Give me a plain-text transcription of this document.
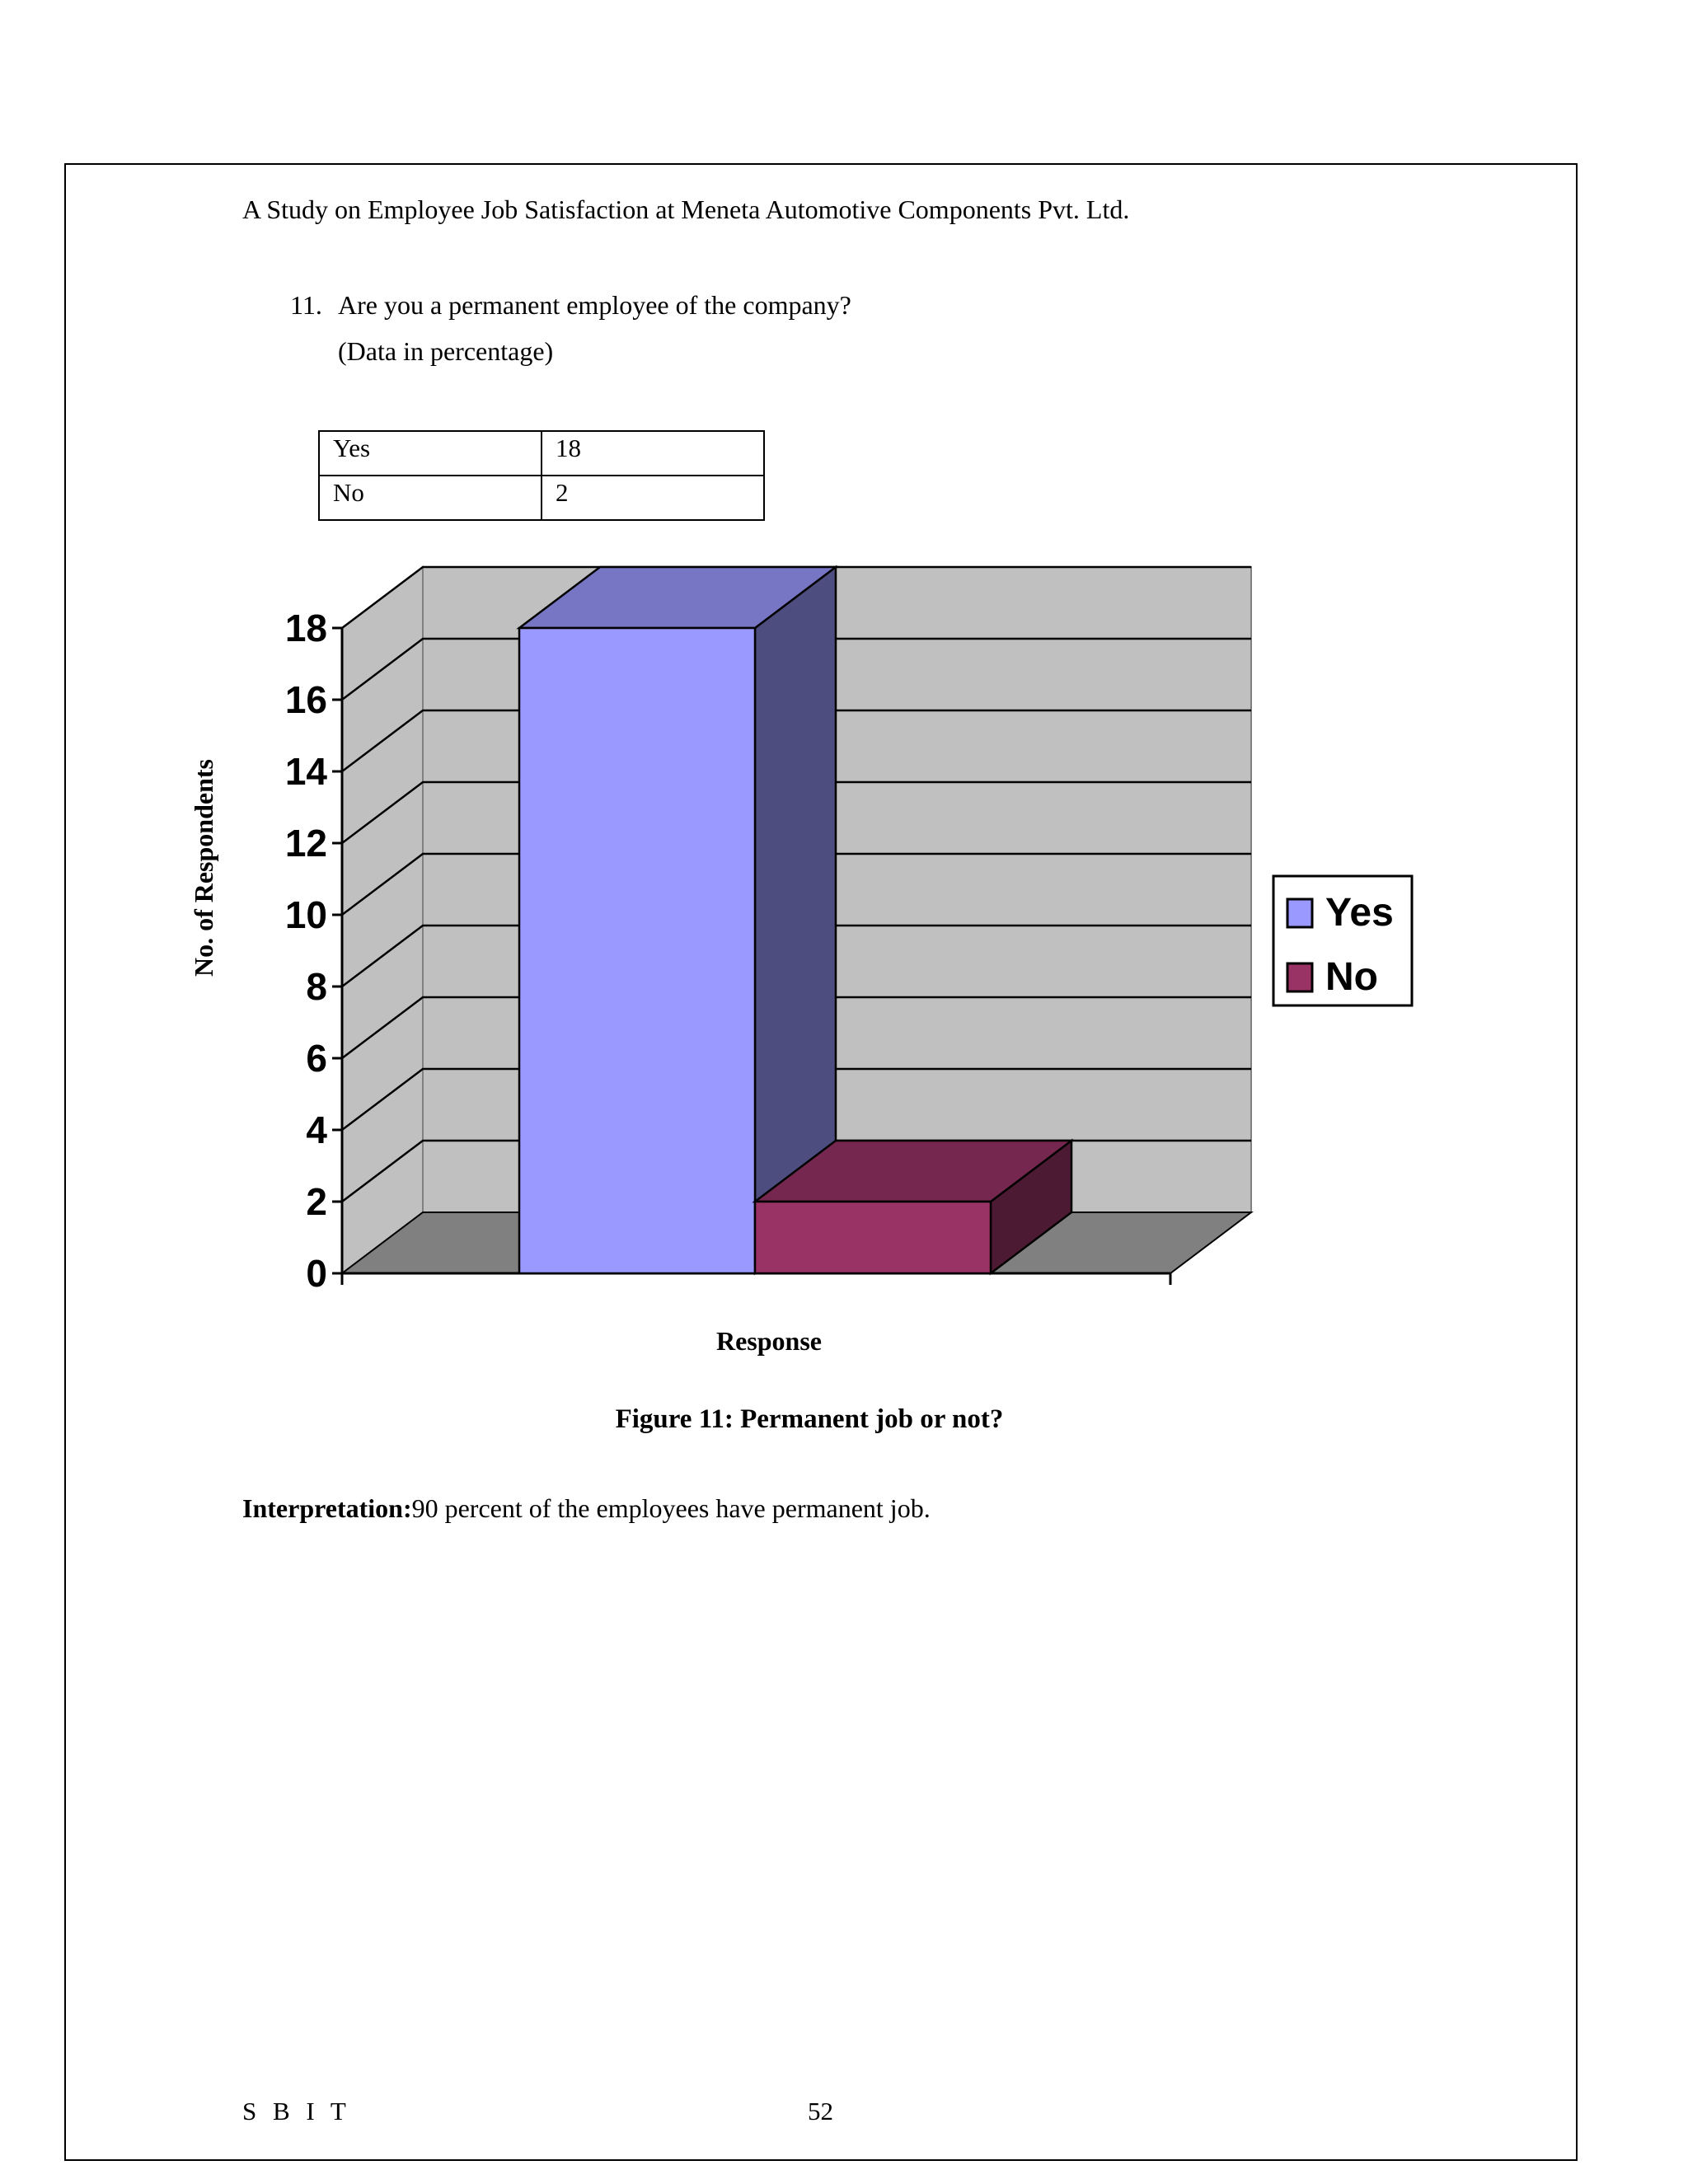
A Study on Employee Job Satisfaction at Meneta Automotive Components Pvt. Ltd.
11. Are you a permanent employee of the company?
(Data in percentage)
Yes	18
No	2
0
2
4
6
8
10
12
14
16
18
Yes
No
No. of Respondents
Response
Figure 11: Permanent job or not?
Interpretation:90 percent of the employees have permanent job.
S B I T	52
